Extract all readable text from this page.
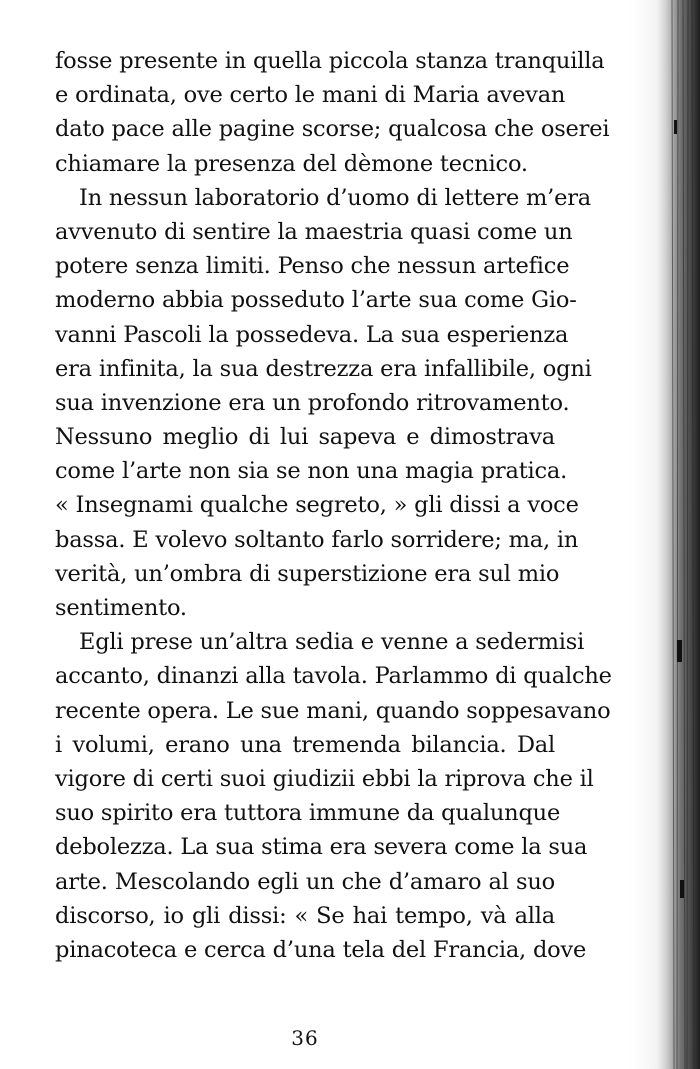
fosse presente in quella piccola stanza tranquilla
e ordinata, ove certo le mani di Maria avevan
dato pace alle pagine scorse; qualcosa che oserei
chiamare la presenza del dèmone tecnico.
In nessun laboratorio d’uomo di lettere m’era
avvenuto di sentire la maestria quasi come un
potere senza limiti. Penso che nessun artefice
moderno abbia posseduto l’arte sua come Gio-
vanni Pascoli la possedeva. La sua esperienza
era infinita, la sua destrezza era infallibile, ogni
sua invenzione era un profondo ritrovamento.
Nessuno meglio di lui sapeva e dimostrava
come l’arte non sia se non una magia pratica.
« Insegnami qualche segreto, » gli dissi a voce
bassa. E volevo soltanto farlo sorridere; ma, in
verità, un’ombra di superstizione era sul mio
sentimento.
Egli prese un’altra sedia e venne a sedermisi
accanto, dinanzi alla tavola. Parlammo di qualche
recente opera. Le sue mani, quando soppesavano
i volumi, erano una tremenda bilancia. Dal
vigore di certi suoi giudizii ebbi la riprova che il
suo spirito era tuttora immune da qualunque
debolezza. La sua stima era severa come la sua
arte. Mescolando egli un che d’amaro al suo
discorso, io gli dissi: « Se hai tempo, và alla
pinacoteca e cerca d’una tela del Francia, dove
36
